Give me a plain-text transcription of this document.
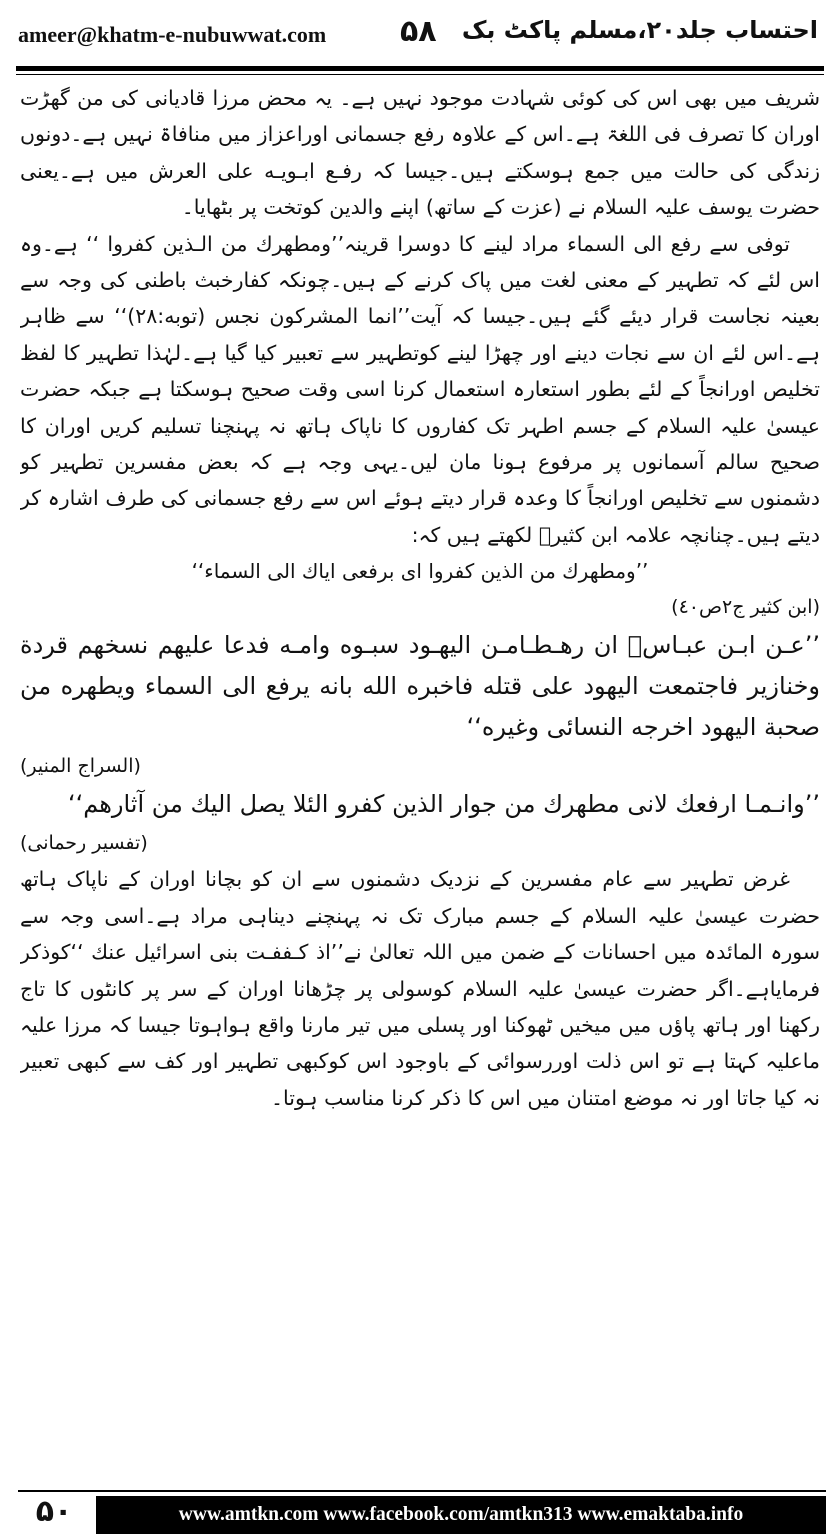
ameer@khatm-e-nubuwwat.com ۵۸ احتساب جلد۲۰،مسلم پاکٹ بک

شریف میں بھی اس کی کوئی شہادت موجود نہیں ہے۔ یہ محض مرزا قادیانی کی من گھڑت اوران کا تصرف فی اللغۃ ہے۔اس کے علاوہ رفع جسمانی اوراعزاز میں منافاۃ نہیں ہے۔دونوں زندگی کی حالت میں جمع ہوسکتے ہیں۔جیسا کہ رفـع ابـویـه علی العرش میں ہے۔یعنی حضرت یوسف علیہ السلام نے (عزت کے ساتھ) اپنے والدین کوتخت پر بٹھایا۔

توفی سے رفع الی السماء مراد لینے کا دوسرا قرینہ’’ومطهرك من الـذين كفروا ‘‘ ہے۔وہ اس لئے کہ تطہیر کے معنی لغت میں پاک کرنے کے ہیں۔چونکہ کفارخبث باطنی کی وجہ سے بعینہ نجاست قرار دیئے گئے ہیں۔جیسا کہ آیت’’انما المشركون نجس (توبه:٢٨)‘‘ سے ظاہر ہے۔اس لئے ان سے نجات دینے اور چھڑا لینے کوتطہیر سے تعبیر کیا گیا ہے۔لہٰذا تطہیر کا لفظ تخلیص اورانجاً کے لئے بطور استعارہ استعمال کرنا اسی وقت صحیح ہوسکتا ہے جبکہ حضرت عیسیٰ علیہ السلام کے جسم اطہر تک کفاروں کا ناپاک ہاتھ نہ پہنچنا تسلیم کریں اوران کا صحیح سالم آسمانوں پر مرفوع ہونا مان لیں۔یہی وجہ ہے کہ بعض مفسرین تطہیر کو دشمنوں سے تخلیص اورانجاً کا وعدہ قرار دیتے ہوئے اس سے رفع جسمانی کی طرف اشارہ کر دیتے ہیں۔چنانچہ علامہ ابن کثیرؒ لکھتے ہیں کہ:

’’ومطهرك من الذين كفروا اى برفعى اياك الى السماء‘‘

(ابن كثير ج٢ص٤٠)

’’عـن ابـن عبـاسؓ ان رهـطـامـن اليهـود سبـوه وامـه فدعا عليهم نسخهم قردة وخنازير فاجتمعت اليهود على قتله فاخبره الله بانه يرفع الى السماء ويطهره من صحبة اليهود اخرجه النسائى وغيره‘‘

(السراج المنير)

’’وانـمـا ارفعك لانى مطهرك من جوار الذين كفرو الئلا يصل اليك من آثارهم‘‘

(تفسير رحمانى)

غرض تطہیر سے عام مفسرین کے نزدیک دشمنوں سے ان کو بچانا اوران کے ناپاک ہاتھ حضرت عیسیٰ علیہ السلام کے جسم مبارک تک نہ پہنچنے دیناہی مراد ہے۔اسی وجہ سے سورہ المائدہ میں احسانات کے ضمن میں اللہ تعالیٰ نے’’اذ كـففـت بنى اسرائيل عنك ‘‘کوذکر فرمایاہے۔اگر حضرت عیسیٰ علیہ السلام کوسولی پر چڑھانا اوران کے سر پر کانٹوں کا تاج رکھنا اور ہاتھ پاؤں میں میخیں ٹھوکنا اور پسلی میں تیر مارنا واقع ہواہوتا جیسا کہ مرزا علیہ ماعلیہ کہتا ہے تو اس ذلت اوررسوائی کے باوجود اس کوکبھی تطہیر اور کف سے کبھی تعبیر نہ کیا جاتا اور نہ موضع امتنان میں اس کا ذکر کرنا مناسب ہوتا۔

۵۰	www.amtkn.com www.facebook.com/amtkn313 www.emaktaba.info
